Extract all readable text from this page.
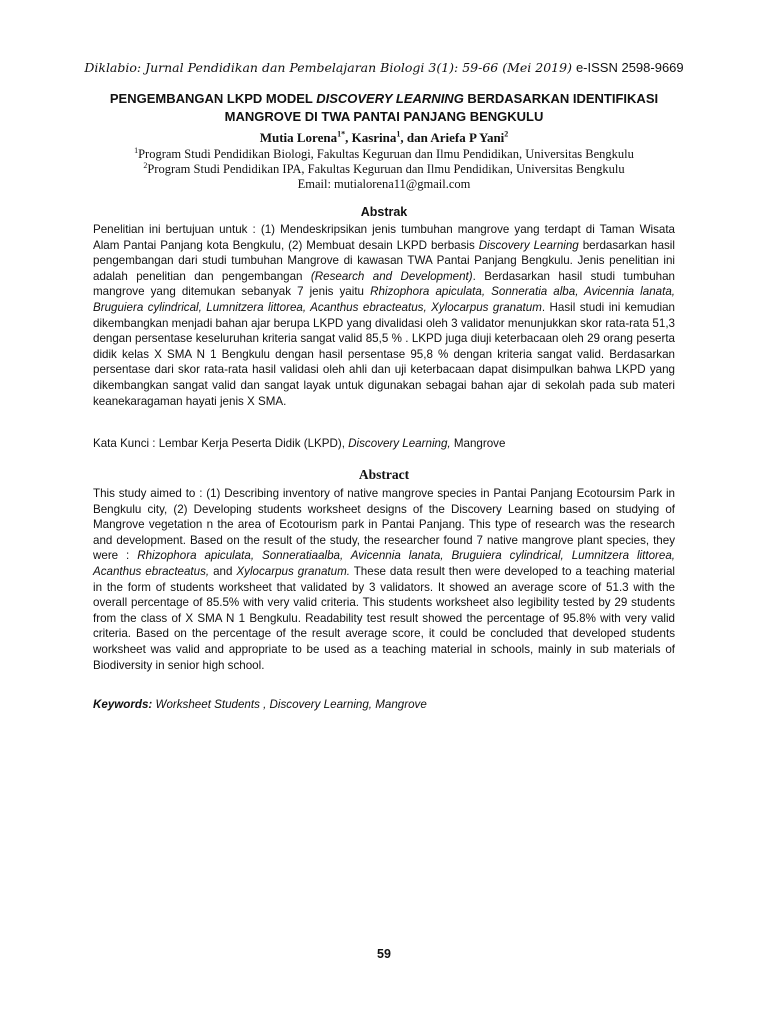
Diklabio: Jurnal Pendidikan dan Pembelajaran Biologi 3(1): 59-66 (Mei 2019) e-ISSN 2598-9669
PENGEMBANGAN LKPD MODEL DISCOVERY LEARNING BERDASARKAN IDENTIFIKASI
MANGROVE DI TWA PANTAI PANJANG BENGKULU
Mutia Lorena$^{1*}$, Kasrina$^1$, dan Ariefa P Yani$^2$
$^1$Program Studi Pendidikan Biologi, Fakultas Keguruan dan Ilmu Pendidikan, Universitas Bengkulu
$^2$Program Studi Pendidikan IPA, Fakultas Keguruan dan Ilmu Pendidikan, Universitas Bengkulu
Email: mutialorena11@gmail.com
Abstrak
Penelitian ini bertujuan untuk : (1) Mendeskripsikan jenis tumbuhan mangrove yang terdapt di Taman Wisata Alam Pantai Panjang kota Bengkulu, (2) Membuat desain LKPD berbasis Discovery Learning berdasarkan hasil pengembangan dari studi tumbuhan Mangrove di kawasan TWA Pantai Panjang Bengkulu. Jenis penelitian ini adalah penelitian dan pengembangan (Research and Development). Berdasarkan hasil studi tumbuhan mangrove yang ditemukan sebanyak 7 jenis yaitu Rhizophora apiculata, Sonneratia alba, Avicennia lanata, Bruguiera cylindrical, Lumnitzera littorea, Acanthus ebracteatus, Xylocarpus granatum. Hasil studi ini kemudian dikembangkan menjadi bahan ajar berupa LKPD yang divalidasi oleh 3 validator menunjukkan skor rata-rata 51,3 dengan persentase keseluruhan kriteria sangat valid 85,5 % . LKPD juga diuji keterbacaan oleh 29 orang peserta didik kelas X SMA N 1 Bengkulu dengan hasil persentase 95,8 % dengan kriteria sangat valid. Berdasarkan persentase dari skor rata-rata hasil validasi oleh ahli dan uji keterbacaan dapat disimpulkan bahwa LKPD yang dikembangkan sangat valid dan sangat layak untuk digunakan sebagai bahan ajar di sekolah pada sub materi keanekaragaman hayati jenis X SMA.
Kata Kunci : Lembar Kerja Peserta Didik (LKPD), Discovery Learning, Mangrove
Abstract
This study aimed to : (1) Describing inventory of native mangrove species in Pantai Panjang Ecotoursim Park in Bengkulu city, (2) Developing students worksheet designs of the Discovery Learning based on studying of Mangrove vegetation n the area of Ecotourism park in Pantai Panjang. This type of research was the research and development. Based on the result of the study, the researcher found 7 native mangrove plant species, they were : Rhizophora apiculata, Sonneratiaalba, Avicennia lanata, Bruguiera cylindrical, Lumnitzera littorea, Acanthus ebracteatus, and Xylocarpus granatum. These data result then were developed to a teaching material in the form of students worksheet that validated by 3 validators. It showed an average score of 51.3 with the overall percentage of 85.5% with very valid criteria. This students worksheet also legibility tested by 29 students from the class of X SMA N 1 Bengkulu. Readability test result showed the percentage of 95.8% with very valid criteria. Based on the percentage of the result average score, it could be concluded that developed students worksheet was valid and appropriate to be used as a teaching material in schools, mainly in sub materials of Biodiversity in senior high school.
Keywords: Worksheet Students , Discovery Learning, Mangrove
59
